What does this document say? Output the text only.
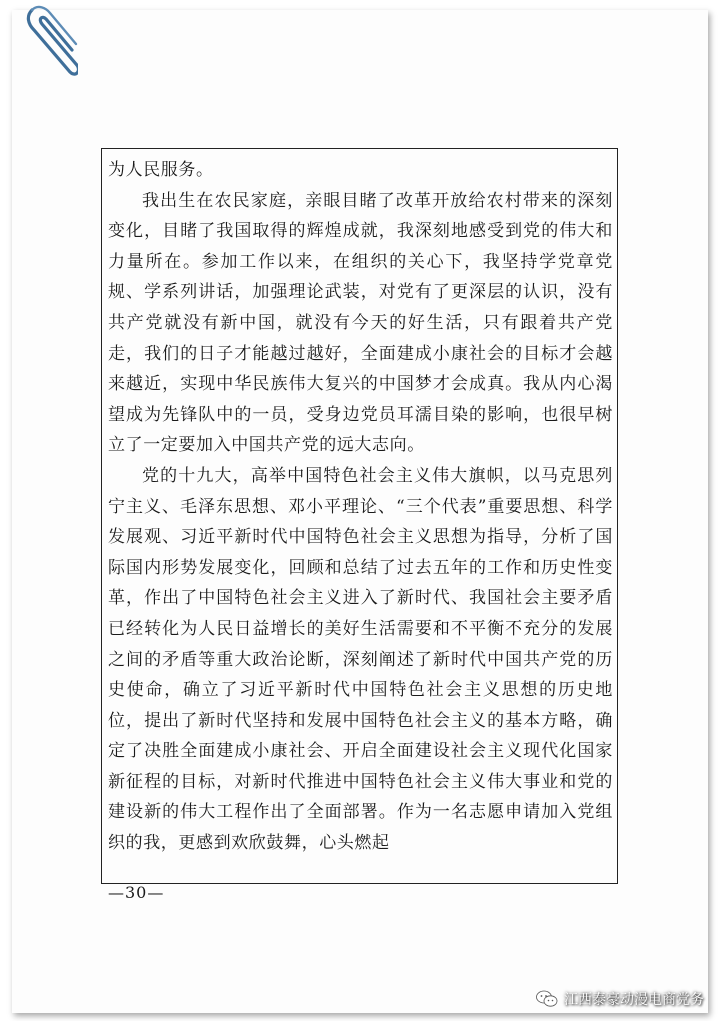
为人民服务。

我出生在农民家庭，亲眼目睹了改革开放给农村带来的深刻变化，目睹了我国取得的辉煌成就，我深刻地感受到党的伟大和力量所在。参加工作以来，在组织的关心下，我坚持学党章党规、学系列讲话，加强理论武装，对党有了更深层的认识，没有共产党就没有新中国，就没有今天的好生活，只有跟着共产党走，我们的日子才能越过越好，全面建成小康社会的目标才会越来越近，实现中华民族伟大复兴的中国梦才会成真。我从内心渴望成为先锋队中的一员，受身边党员耳濡目染的影响，也很早树立了一定要加入中国共产党的远大志向。

党的十九大，高举中国特色社会主义伟大旗帜，以马克思列宁主义、毛泽东思想、邓小平理论、“三个代表”重要思想、科学发展观、习近平新时代中国特色社会主义思想为指导，分析了国际国内形势发展变化，回顾和总结了过去五年的工作和历史性变革，作出了中国特色社会主义进入了新时代、我国社会主要矛盾已经转化为人民日益增长的美好生活需要和不平衡不充分的发展之间的矛盾等重大政治论断，深刻阐述了新时代中国共产党的历史使命，确立了习近平新时代中国特色社会主义思想的历史地位，提出了新时代坚持和发展中国特色社会主义的基本方略，确定了决胜全面建成小康社会、开启全面建设社会主义现代化国家新征程的目标，对新时代推进中国特色社会主义伟大事业和党的建设新的伟大工程作出了全面部署。作为一名志愿申请加入党组织的我，更感到欢欣鼓舞，心头燃起

—30—
江西泰豪动漫电商党务
